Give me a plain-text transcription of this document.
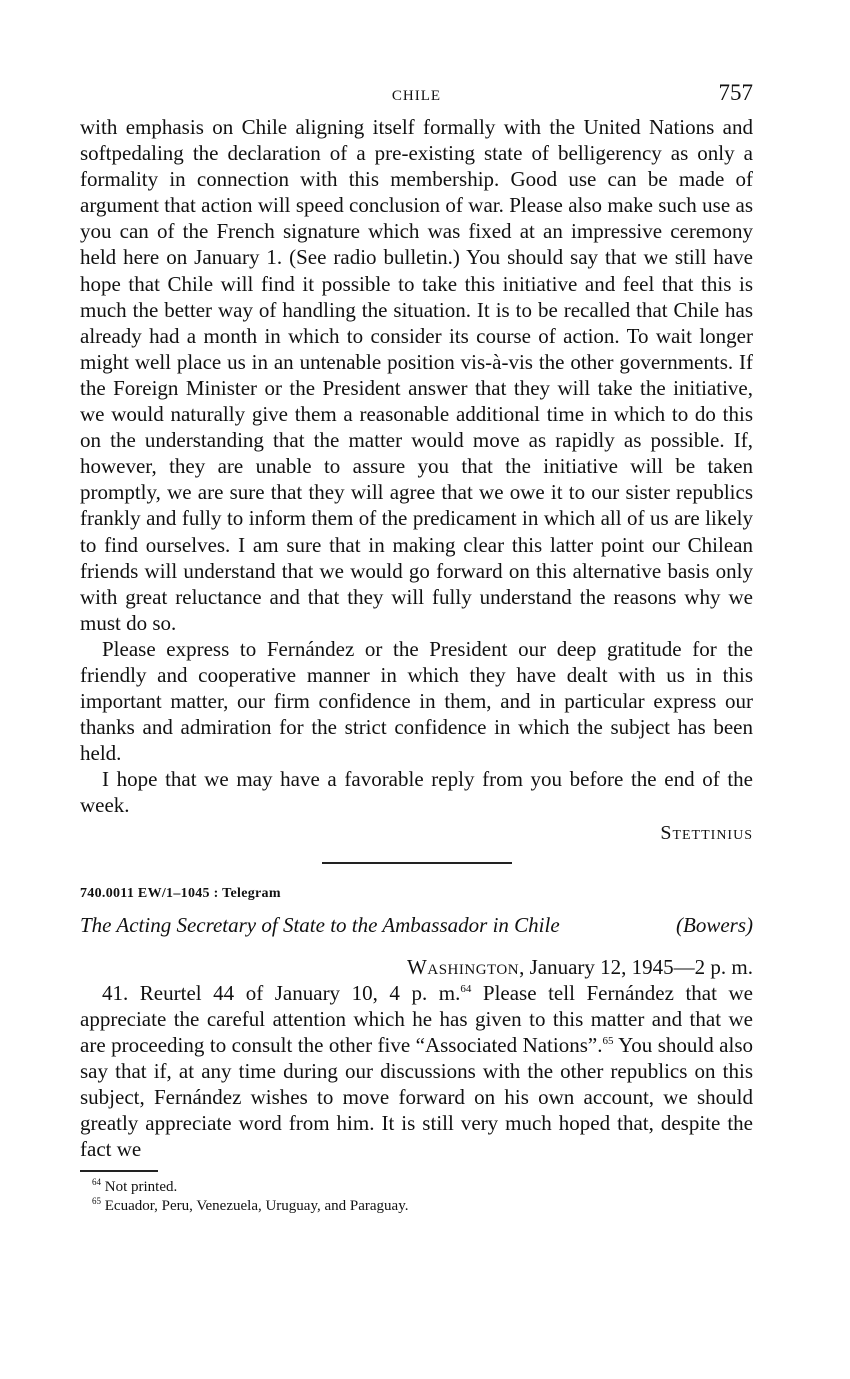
CHILE	757

with emphasis on Chile aligning itself formally with the United Nations and softpedaling the declaration of a pre-existing state of belligerency as only a formality in connection with this membership. Good use can be made of argument that action will speed conclusion of war. Please also make such use as you can of the French signature which was fixed at an impressive ceremony held here on January 1. (See radio bulletin.) You should say that we still have hope that Chile will find it possible to take this initiative and feel that this is much the better way of handling the situation. It is to be recalled that Chile has already had a month in which to consider its course of action. To wait longer might well place us in an untenable position vis-à-vis the other governments. If the Foreign Minister or the President answer that they will take the initiative, we would naturally give them a reasonable additional time in which to do this on the understanding that the matter would move as rapidly as possible. If, however, they are unable to assure you that the initiative will be taken promptly, we are sure that they will agree that we owe it to our sister republics frankly and fully to inform them of the predicament in which all of us are likely to find ourselves. I am sure that in making clear this latter point our Chilean friends will understand that we would go forward on this alternative basis only with great reluctance and that they will fully understand the reasons why we must do so.

Please express to Fernández or the President our deep gratitude for the friendly and cooperative manner in which they have dealt with us in this important matter, our firm confidence in them, and in particular express our thanks and admiration for the strict confidence in which the subject has been held.

I hope that we may have a favorable reply from you before the end of the week.

Stettinius
740.0011 EW/1–1045 : Telegram
The Acting Secretary of State to the Ambassador in Chile	(Bowers)
Washington, January 12, 1945—2 p. m.

41. Reurtel 44 of January 10, 4 p. m.$^{64}$ Please tell Fernández that we appreciate the careful attention which he has given to this matter and that we are proceeding to consult the other five “Associated Nations”.$^{65}$ You should also say that if, at any time during our discussions with the other republics on this subject, Fernández wishes to move forward on his own account, we should greatly appreciate word from him. It is still very much hoped that, despite the fact we

$^{64}$ Not printed.
$^{65}$ Ecuador, Peru, Venezuela, Uruguay, and Paraguay.
